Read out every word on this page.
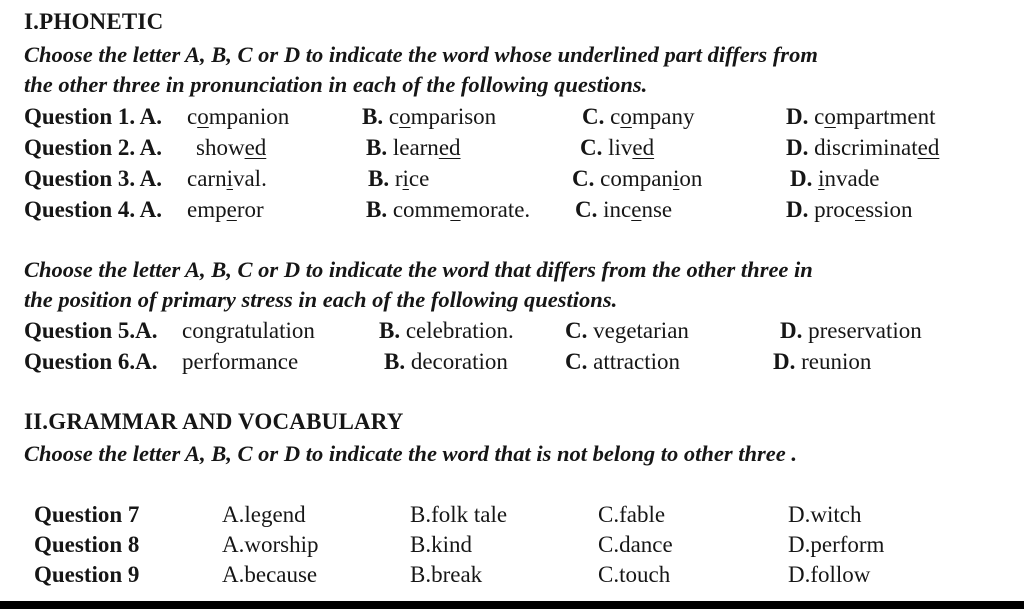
I.PHONETIC
Choose the letter A, B, C or D to indicate the word whose underlined part differs from
the other three in pronunciation in each of the following questions.
Question 1. A. companion	B. comparison	C. company	D. compartment
Question 2. A. showed	B. learned	C. lived	D. discriminated
Question 3. A. carnival.	B. rice	C. companion	D. invade
Question 4. A. emperor	B. commemorate. C. incense	D. procession
Choose the letter A, B, C or D to indicate the word that differs from the other three in
the position of primary stress in each of the following questions.
Question 5.A. congratulation	B. celebration. C. vegetarian	D. preservation
Question 6.A. performance	B. decoration C. attraction	D. reunion
II.GRAMMAR AND VOCABULARY
Choose the letter A, B, C or D to indicate the word that is not belong to other three .
Question 7	A.legend	B.folk tale	C.fable	D.witch
Question 8	A.worship	B.kind	C.dance	D.perform
Question 9	A.because	B.break	C.touch	D.follow
